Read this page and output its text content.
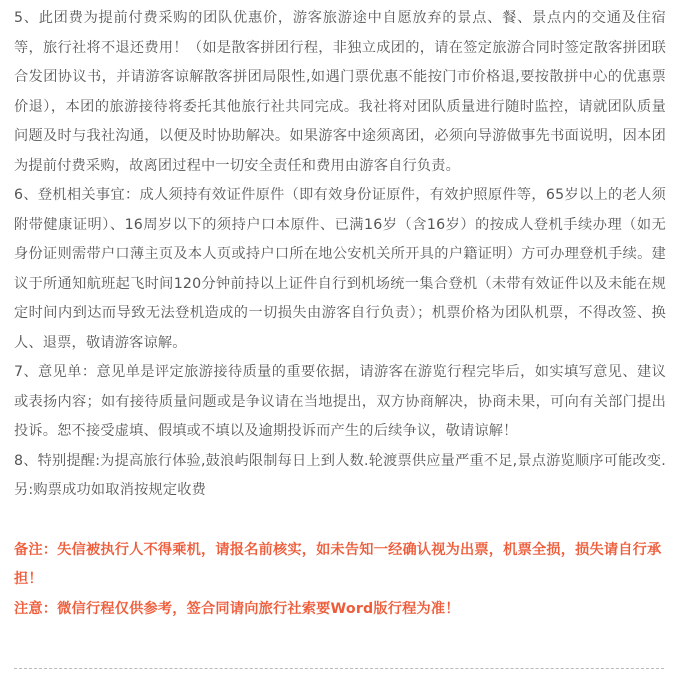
5、此团费为提前付费采购的团队优惠价，游客旅游途中自愿放弃的景点、餐、景点内的交通及住宿等，旅行社将不退还费用！（如是散客拼团行程，非独立成团的，请在签定旅游合同时签定散客拼团联合发团协议书，并请游客谅解散客拼团局限性,如遇门票优惠不能按门市价格退,要按散拼中心的优惠票价退），本团的旅游接待将委托其他旅行社共同完成。我社将对团队质量进行随时监控，请就团队质量问题及时与我社沟通，以便及时协助解决。如果游客中途须离团，必须向导游做事先书面说明，因本团为提前付费采购，故离团过程中一切安全责任和费用由游客自行负责。

6、登机相关事宜：成人须持有效证件原件（即有效身份证原件，有效护照原件等，65岁以上的老人须附带健康证明）、16周岁以下的须持户口本原件、已满16岁（含16岁）的按成人登机手续办理（如无身份证则需带户口薄主页及本人页或持户口所在地公安机关所开具的户籍证明）方可办理登机手续。建议于所通知航班起飞时间120分钟前持以上证件自行到机场统一集合登机（未带有效证件以及未能在规定时间内到达而导致无法登机造成的一切损失由游客自行负责）；机票价格为团队机票，不得改签、换人、退票，敬请游客谅解。

7、意见单：意见单是评定旅游接待质量的重要依据，请游客在游览行程完毕后，如实填写意见、建议或表扬内容；如有接待质量问题或是争议请在当地提出，双方协商解决，协商未果，可向有关部门提出投诉。恕不接受虚填、假填或不填以及逾期投诉而产生的后续争议，敬请谅解！

8、特别提醒:为提高旅行体验,鼓浪屿限制每日上到人数.轮渡票供应量严重不足,景点游览顺序可能改变.另:购票成功如取消按规定收费

备注：失信被执行人不得乘机，请报名前核实，如未告知一经确认视为出票，机票全损，损失请自行承担！

注意：微信行程仅供参考，签合同请向旅行社索要Word版行程为准！
